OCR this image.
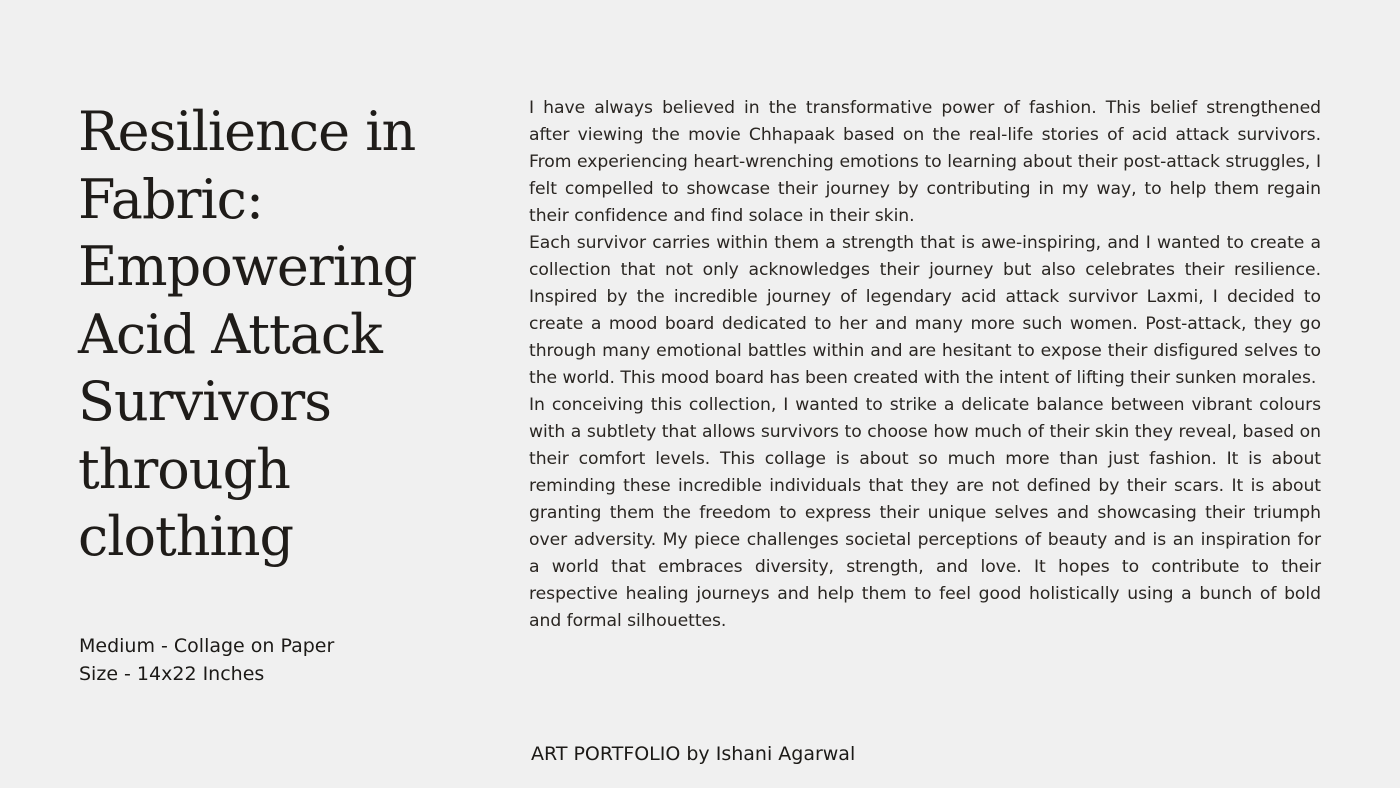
Resilience in
Fabric:
Empowering
Acid Attack
Survivors
through
clothing
Medium - Collage on Paper
Size - 14x22 Inches

I have always believed in the transformative power of fashion. This belief strengthened after viewing the movie Chhapaak based on the real-life stories of acid attack survivors. From experiencing heart-wrenching emotions to learning about their post-attack struggles, I felt compelled to showcase their journey by contributing in my way, to help them regain their confidence and find solace in their skin.

Each survivor carries within them a strength that is awe-inspiring, and I wanted to create a collection that not only acknowledges their journey but also celebrates their resilience. Inspired by the incredible journey of legendary acid attack survivor Laxmi, I decided to create a mood board dedicated to her and many more such women. Post-attack, they go through many emotional battles within and are hesitant to expose their disfigured selves to the world. This mood board has been created with the intent of lifting their sunken morales.

In conceiving this collection, I wanted to strike a delicate balance between vibrant colours with a subtlety that allows survivors to choose how much of their skin they reveal, based on their comfort levels. This collage is about so much more than just fashion. It is about reminding these incredible individuals that they are not defined by their scars. It is about granting them the freedom to express their unique selves and showcasing their triumph over adversity. My piece challenges societal perceptions of beauty and is an inspiration for a world that embraces diversity, strength, and love. It hopes to contribute to their respective healing journeys and help them to feel good holistically using a bunch of bold and formal silhouettes.

ART PORTFOLIO by Ishani Agarwal
